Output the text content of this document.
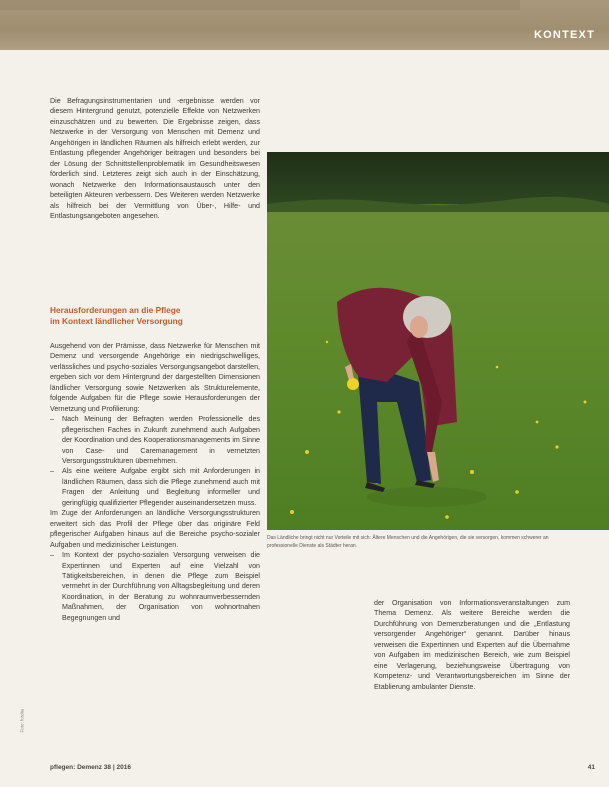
KONTEXT

Die Befragungsinstrumentarien und -ergebnisse werden vor diesem Hintergrund genutzt, potenzielle Effekte von Netzwerken einzuschätzen und zu bewerten. Die Ergebnisse zeigen, dass Netzwerke in der Versorgung von Menschen mit Demenz und Angehörigen in ländlichen Räumen als hilfreich erlebt werden, zur Entlastung pflegender Angehöriger beitragen und besonders bei der Lösung der Schnittstellenproblematik im Gesundheitswesen förderlich sind. Letzteres zeigt sich auch in der Einschätzung, wonach Netzwerke den Informationsaustausch unter den beteiligten Akteuren verbessern. Des Weiteren werden Netzwerke als hilfreich bei der Vermittlung von Über-, Hilfe- und Entlastungsangeboten angesehen.

Herausforderungen an die Pflege
im Kontext ländlicher Versorgung

Ausgehend von der Prämisse, dass Netzwerke für Menschen mit Demenz und versorgende Angehörige ein niedrigschwelliges, verlässliches und psycho-soziales Versorgungsangebot darstellen, ergeben sich vor dem Hintergrund der dargestellten Dimensionen ländlicher Versorgung sowie Netzwerken als Strukturelemente, folgende Aufgaben für die Pflege sowie Herausforderungen der Vernetzung und Profilierung:

–	Nach Meinung der Befragten werden Professionelle des pflegerischen Faches in Zukunft zunehmend auch Aufgaben der Koordination und des Kooperationsmanagements im Sinne von Case- und Caremanagement in vernetzten Versorgungsstrukturen übernehmen.
–	Als eine weitere Aufgabe ergibt sich mit Anforderungen in ländlichen Räumen, dass sich die Pflege zunehmend auch mit Fragen der Anleitung und Begleitung informeller und geringfügig qualifizierter Pflegender auseinandersetzen muss.

Im Zuge der Anforderungen an ländliche Versorgungsstrukturen erweitert sich das Profil der Pflege über das originäre Feld pflegerischer Aufgaben hinaus auf die Bereiche psycho-sozialer Aufgaben und medizinischer Leistungen.

–	Im Kontext der psycho-sozialen Versorgung verweisen die Expertinnen und Experten auf eine Vielzahl von Tätigkeitsbereichen, in denen die Pflege zum Beispiel vermehrt in der Durchführung von Alltagsbegleitung und deren Koordination, in der Beratung zu wohnraumverbessernden Maßnahmen, der Organisation von wohnortnahen Begegnungen und
Das Ländliche bringt nicht nur Vorteile mit sich: Ältere Menschen und die Angehörigen, die sie versorgen, kommen schwerer an professionelle Dienste als Städter heran.

der Organisation von Informationsveranstaltungen zum Thema Demenz. Als weitere Bereiche werden die Durchführung von Demenzberatungen und die „Entlastung versorgender Angehöriger“ genannt. Darüber hinaus verweisen die Expertinnen und Experten auf die Übernahme von Aufgaben im medizinischen Bereich, wie zum Beispiel eine Verlagerung, beziehungsweise Übertragung von Kompetenz- und Verantwortungsbereichen im Sinne der Etablierung ambulanter Dienste.

Foto: fotolia
pflegen: Demenz 38 | 2016	41
